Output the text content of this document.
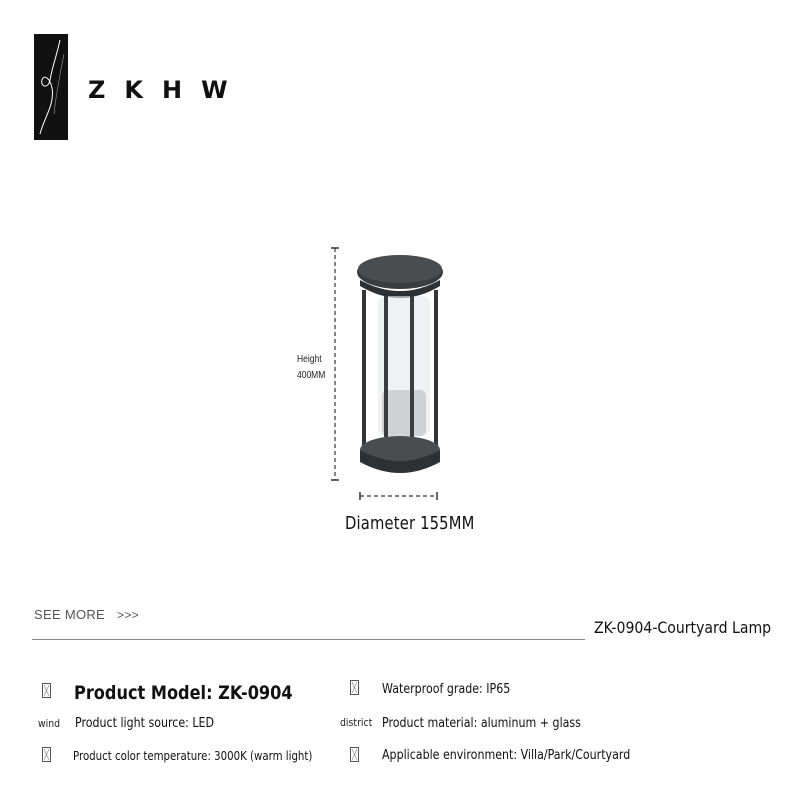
ZKHW
Height
400MM
Diameter 155MM
SEE MORE >>>
ZK-0904-Courtyard Lamp
Product Model: ZK-0904	Waterproof grade: IP65
wind Product light source: LED	district Product material: aluminum + glass
Product color temperature: 3000K (warm light)	Applicable environment: Villa/Park/Courtyard
